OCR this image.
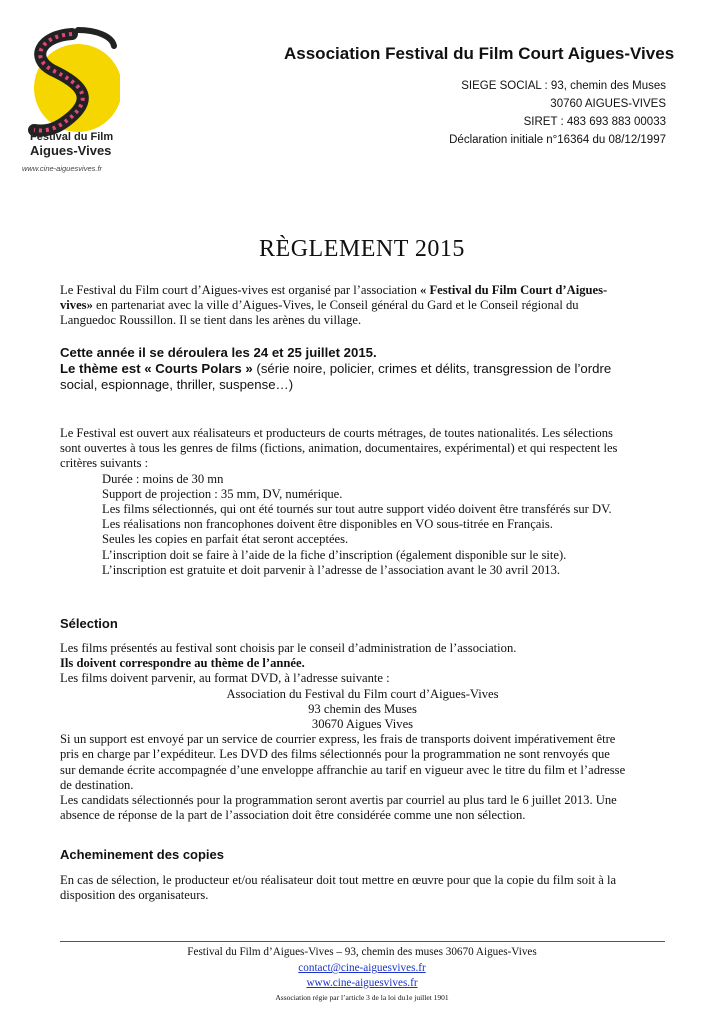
Festival du Film
Aigues-Vives
www.cine-aiguesvives.fr
Association Festival du Film Court Aigues-Vives
SIEGE SOCIAL : 93, chemin des Muses
30760 AIGUES-VIVES
SIRET : 483 693 883 00033
Déclaration initiale n°16364 du 08/12/1997
RÈGLEMENT 2015
Le Festival du Film court d’Aigues-vives est organisé par l’association « Festival du Film Court d’Aigues-
vives» en partenariat avec la ville d’Aigues-Vives, le Conseil général du Gard et le Conseil régional du
Languedoc Roussillon. Il se tient dans les arènes du village.
Cette année il se déroulera les 24 et 25 juillet 2015.
Le thème est « Courts Polars » (série noire, policier, crimes et délits, transgression de l’ordre
social, espionnage, thriller, suspense…)
Le Festival est ouvert aux réalisateurs et producteurs de courts métrages, de toutes nationalités. Les sélections
sont ouvertes à tous les genres de films (fictions, animation, documentaires, expérimental) et qui respectent les
critères suivants :
Durée : moins de 30 mn
Support de projection : 35 mm, DV, numérique.
Les films sélectionnés, qui ont été tournés sur tout autre support vidéo doivent être transférés sur DV.
Les réalisations non francophones doivent être disponibles en VO sous-titrée en Français.
Seules les copies en parfait état seront acceptées.
L’inscription doit se faire à l’aide de la fiche d’inscription (également disponible sur le site).
L’inscription est gratuite et doit parvenir à l’adresse de l’association avant le 30 avril 2013.
Sélection
Les films présentés au festival sont choisis par le conseil d’administration de l’association.
Ils doivent correspondre au thème de l’année.
Les films doivent parvenir, au format DVD, à l’adresse suivante :
Association du Festival du Film court d’Aigues-Vives
93 chemin des Muses
30670 Aigues Vives
Si un support est envoyé par un service de courrier express, les frais de transports doivent impérativement être
pris en charge par l’expéditeur. Les DVD des films sélectionnés pour la programmation ne sont renvoyés que
sur demande écrite accompagnée d’une enveloppe affranchie au tarif en vigueur avec le titre du film et l’adresse
de destination.
Les candidats sélectionnés pour la programmation seront avertis par courriel au plus tard le 6 juillet 2013. Une
absence de réponse de la part de l’association doit être considérée comme une non sélection.
Acheminement des copies
En cas de sélection, le producteur et/ou réalisateur doit tout mettre en œuvre pour que la copie du film soit à la
disposition des organisateurs.
Festival du Film d’Aigues-Vives – 93, chemin des muses 30670 Aigues-Vives
contact@cine-aiguesvives.fr
www.cine-aiguesvives.fr
Association régie par l’article 3 de la loi du1e juillet 1901
